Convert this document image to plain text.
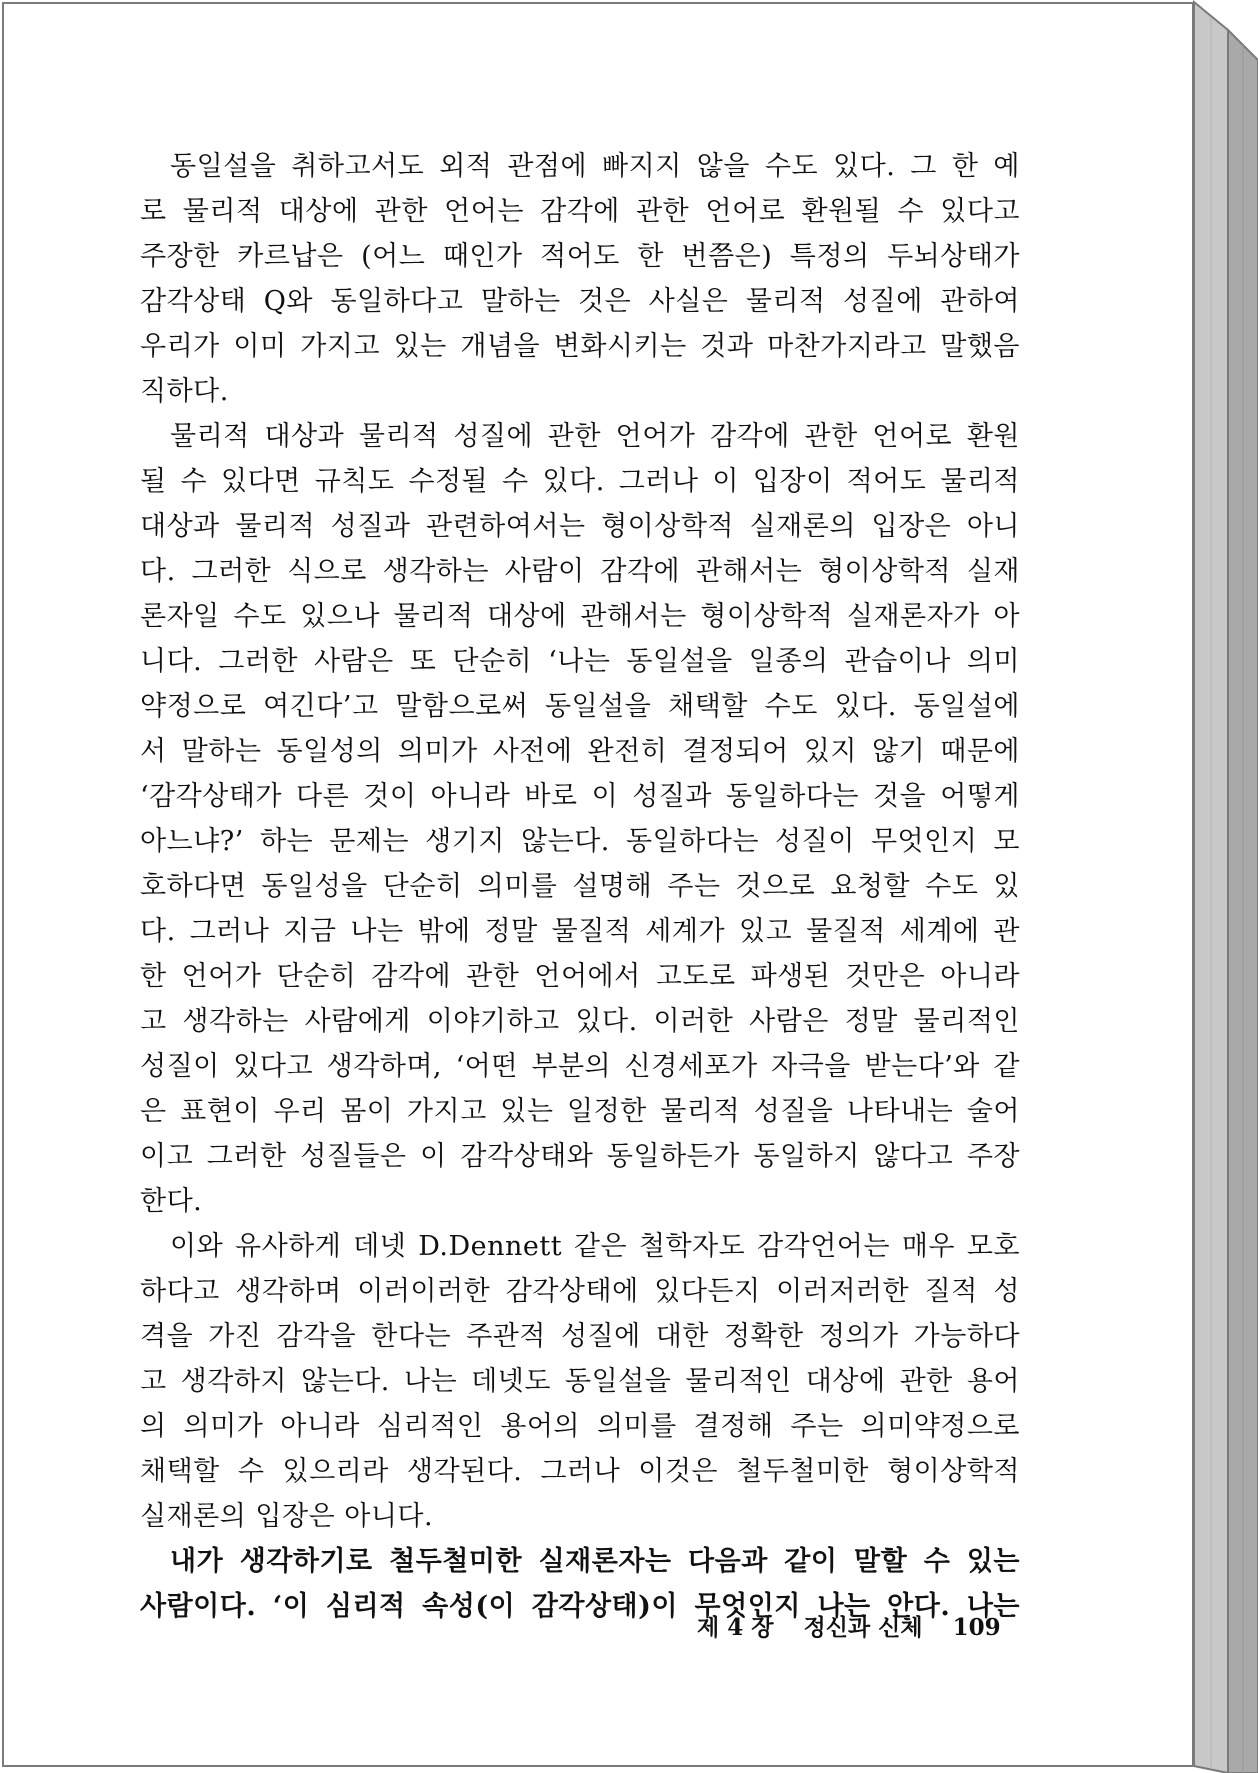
동일설을 취하고서도 외적 관점에 빠지지 않을 수도 있다. 그 한 예
로 물리적 대상에 관한 언어는 감각에 관한 언어로 환원될 수 있다고
주장한 카르납은 (어느 때인가 적어도 한 번쯤은) 특정의 두뇌상태가
감각상태 Q와 동일하다고 말하는 것은 사실은 물리적 성질에 관하여
우리가 이미 가지고 있는 개념을 변화시키는 것과 마찬가지라고 말했음
직하다.
물리적 대상과 물리적 성질에 관한 언어가 감각에 관한 언어로 환원
될 수 있다면 규칙도 수정될 수 있다. 그러나 이 입장이 적어도 물리적
대상과 물리적 성질과 관련하여서는 형이상학적 실재론의 입장은 아니
다. 그러한 식으로 생각하는 사람이 감각에 관해서는 형이상학적 실재
론자일 수도 있으나 물리적 대상에 관해서는 형이상학적 실재론자가 아
니다. 그러한 사람은 또 단순히 ‘나는 동일설을 일종의 관습이나 의미
약정으로 여긴다’고 말함으로써 동일설을 채택할 수도 있다. 동일설에
서 말하는 동일성의 의미가 사전에 완전히 결정되어 있지 않기 때문에
‘감각상태가 다른 것이 아니라 바로 이 성질과 동일하다는 것을 어떻게
아느냐?’ 하는 문제는 생기지 않는다. 동일하다는 성질이 무엇인지 모
호하다면 동일성을 단순히 의미를 설명해 주는 것으로 요청할 수도 있
다. 그러나 지금 나는 밖에 정말 물질적 세계가 있고 물질적 세계에 관
한 언어가 단순히 감각에 관한 언어에서 고도로 파생된 것만은 아니라
고 생각하는 사람에게 이야기하고 있다. 이러한 사람은 정말 물리적인
성질이 있다고 생각하며, ‘어떤 부분의 신경세포가 자극을 받는다’와 같
은 표현이 우리 몸이 가지고 있는 일정한 물리적 성질을 나타내는 술어
이고 그러한 성질들은 이 감각상태와 동일하든가 동일하지 않다고 주장
한다.
이와 유사하게 데넷 D.Dennett 같은 철학자도 감각언어는 매우 모호
하다고 생각하며 이러이러한 감각상태에 있다든지 이러저러한 질적 성
격을 가진 감각을 한다는 주관적 성질에 대한 정확한 정의가 가능하다
고 생각하지 않는다. 나는 데넷도 동일설을 물리적인 대상에 관한 용어
의 의미가 아니라 심리적인 용어의 의미를 결정해 주는 의미약정으로
채택할 수 있으리라 생각된다. 그러나 이것은 철두철미한 형이상학적
실재론의 입장은 아니다.
내가 생각하기로 철두철미한 실재론자는 다음과 같이 말할 수 있는
사람이다. ‘이 심리적 속성(이 감각상태)이 무엇인지 나는 안다. 나는
제 4 장 정신과 신체 109
